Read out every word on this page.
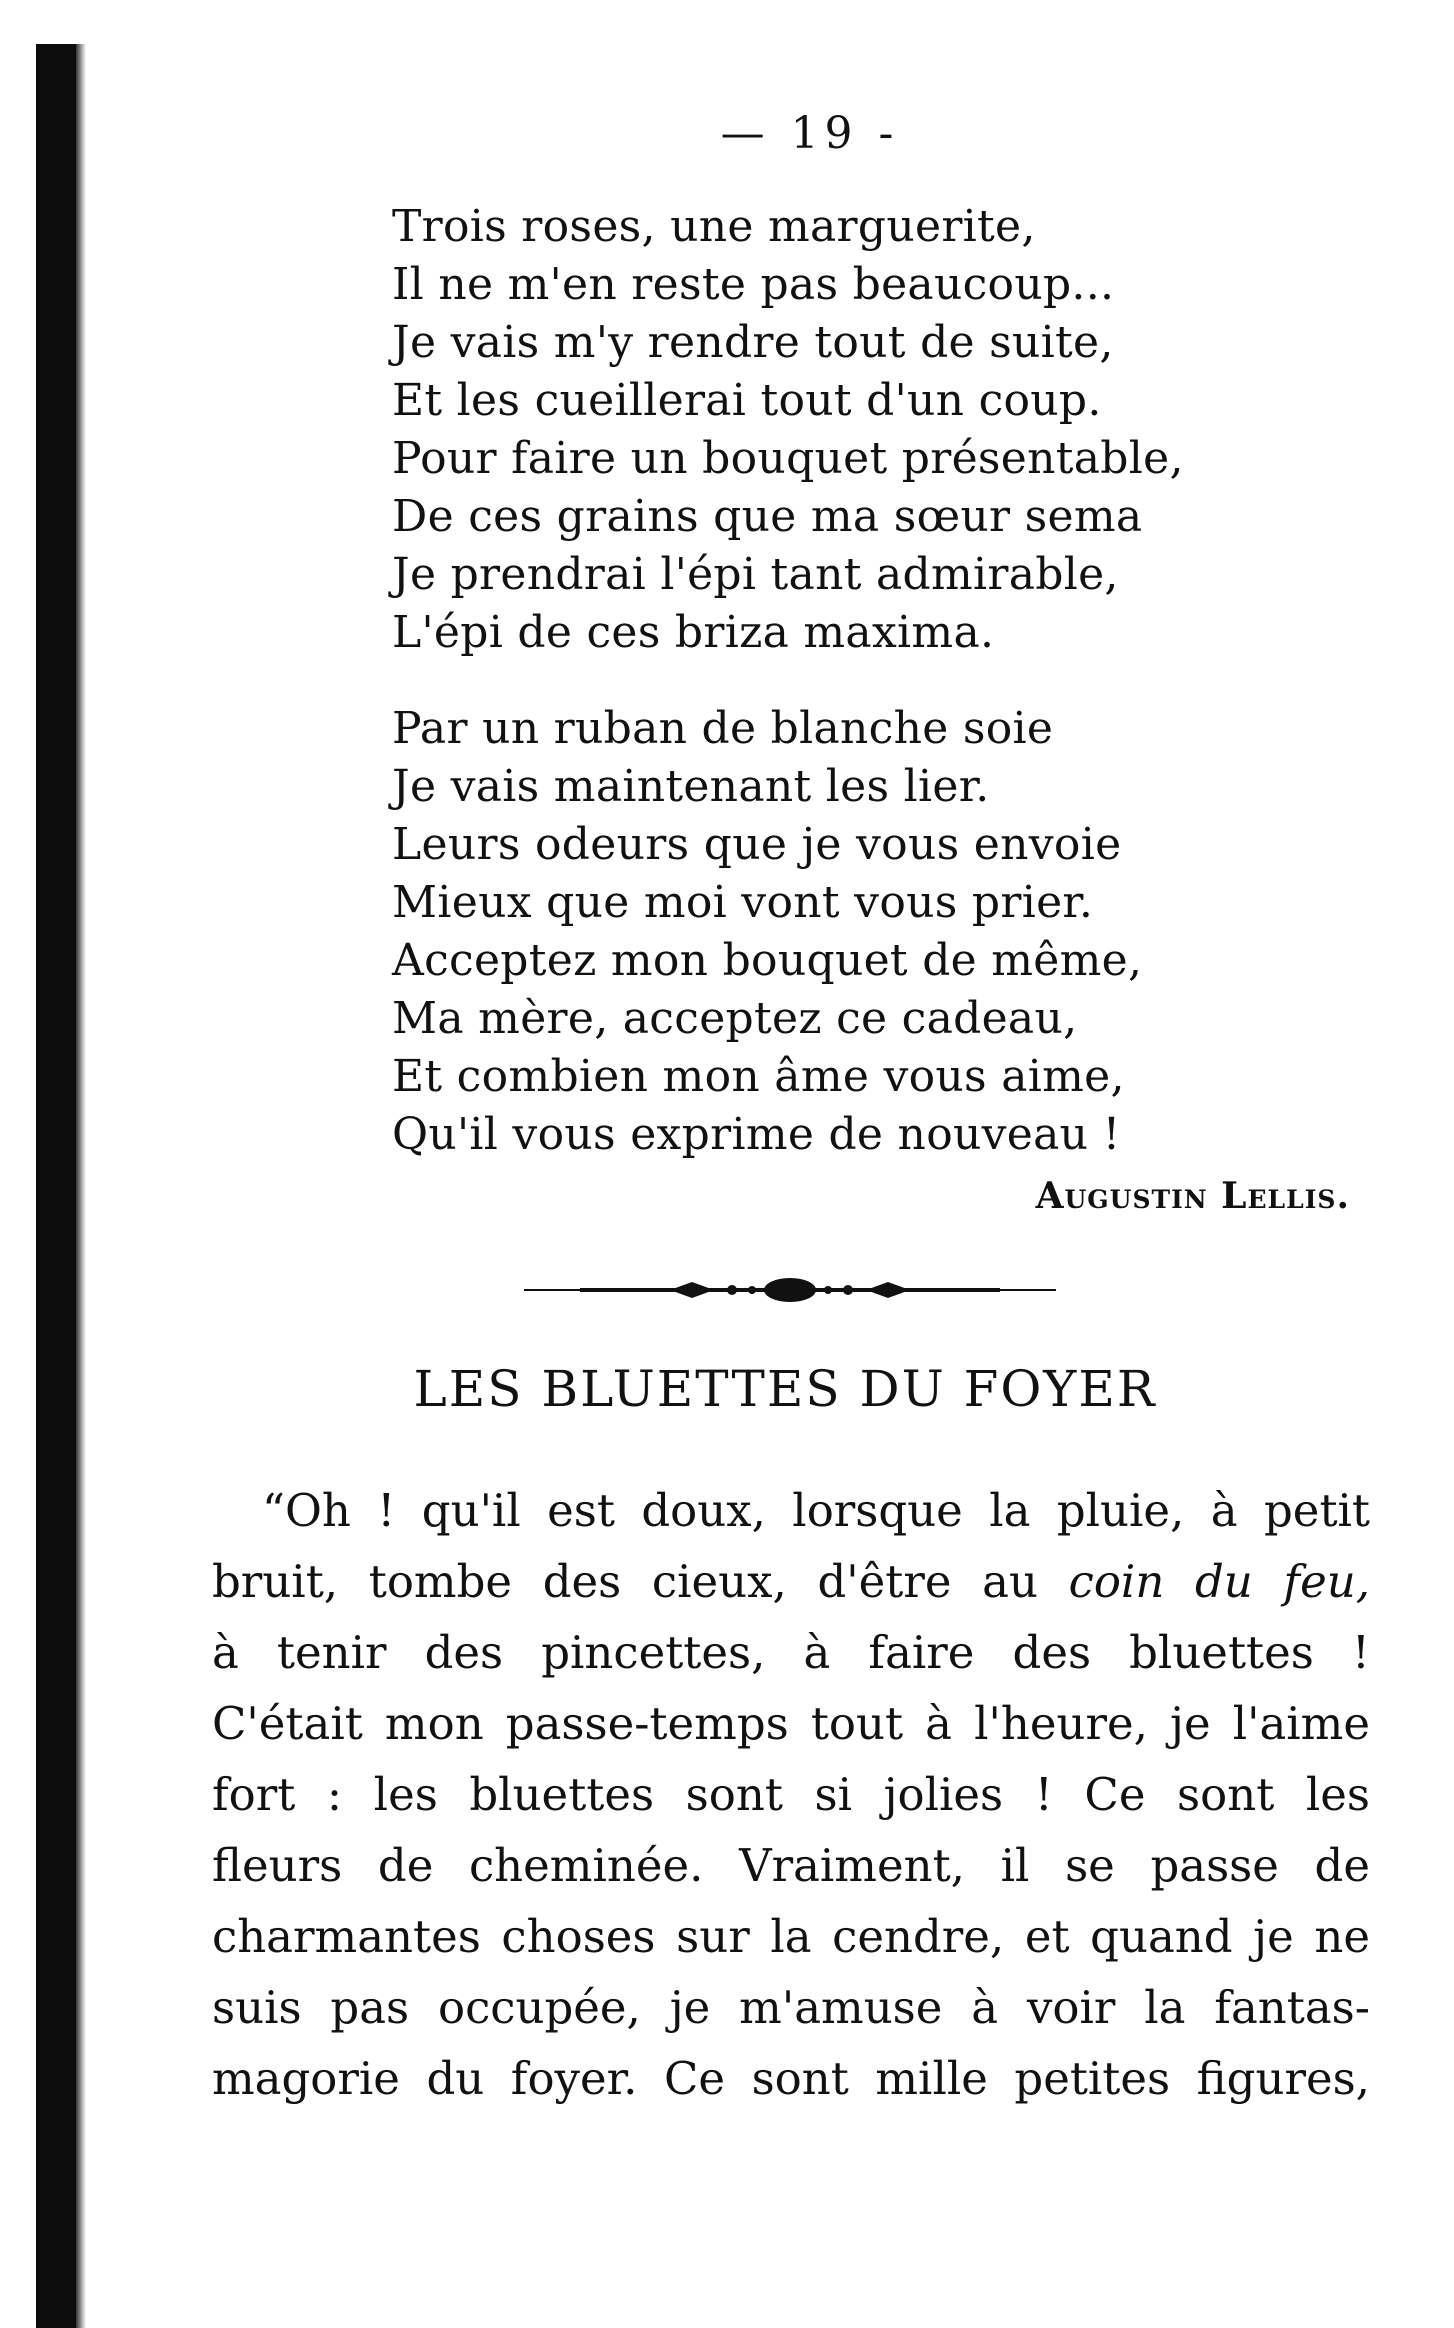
— 19 -
Trois roses, une marguerite,
Il ne m'en reste pas beaucoup...
Je vais m'y rendre tout de suite,
Et les cueillerai tout d'un coup.
Pour faire un bouquet présentable,
De ces grains que ma sœur sema
Je prendrai l'épi tant admirable,
L'épi de ces briza maxima.
Par un ruban de blanche soie
Je vais maintenant les lier.
Leurs odeurs que je vous envoie
Mieux que moi vont vous prier.
Acceptez mon bouquet de même,
Ma mère, acceptez ce cadeau,
Et combien mon âme vous aime,
Qu'il vous exprime de nouveau !
Augustin Lellis.
LES BLUETTES DU FOYER
“Oh ! qu'il est doux, lorsque la pluie, à petit
bruit, tombe des cieux, d'être au coin du feu,
à tenir des pincettes, à faire des bluettes !
C'était mon passe-temps tout à l'heure, je l'aime
fort : les bluettes sont si jolies ! Ce sont les
fleurs de cheminée. Vraiment, il se passe de
charmantes choses sur la cendre, et quand je ne
suis pas occupée, je m'amuse à voir la fantas-
magorie du foyer. Ce sont mille petites figures,
